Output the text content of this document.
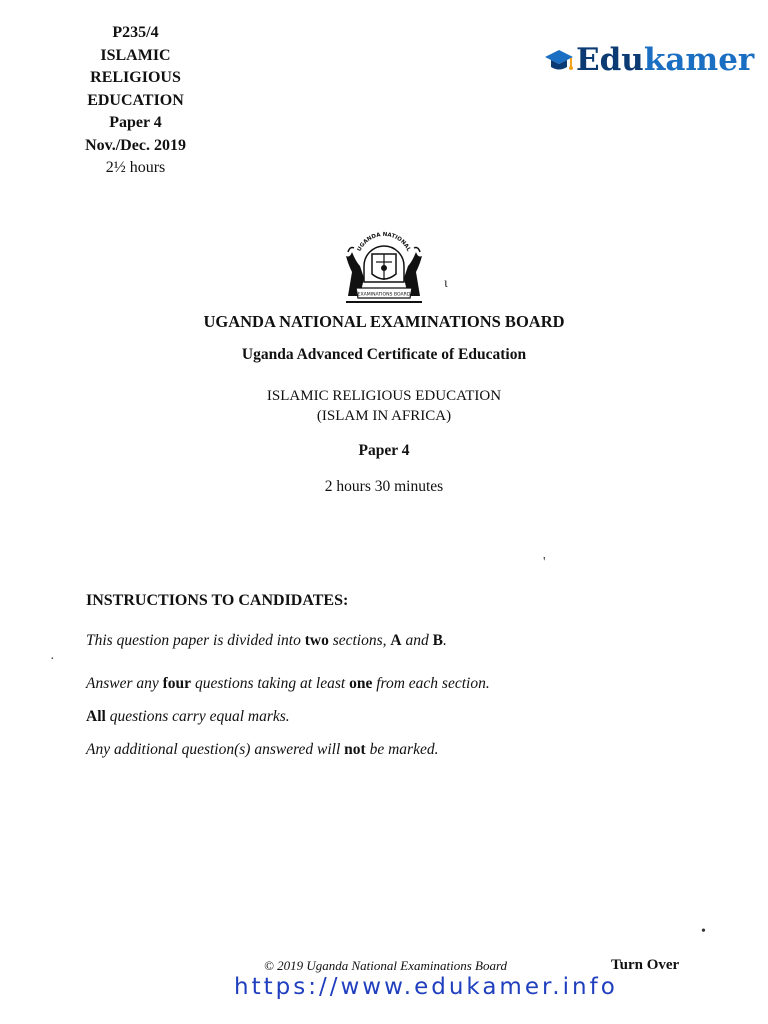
P235/4
ISLAMIC
RELIGIOUS
EDUCATION
Paper 4
Nov./Dec. 2019
2½ hours
Edu kamer
UGANDA NATIONAL
EXAMINATIONS BOARD
ι
'
·
•
UGANDA NATIONAL EXAMINATIONS BOARD
Uganda Advanced Certificate of Education
ISLAMIC RELIGIOUS EDUCATION
(ISLAM IN AFRICA)
Paper 4
2 hours 30 minutes
INSTRUCTIONS TO CANDIDATES:
This question paper is divided into two sections, A and B.
Answer any four questions taking at least one from each section.
All questions carry equal marks.
Any additional question(s) answered will not be marked.
© 2019 Uganda National Examinations Board	Turn Over
https://www.edukamer.info
